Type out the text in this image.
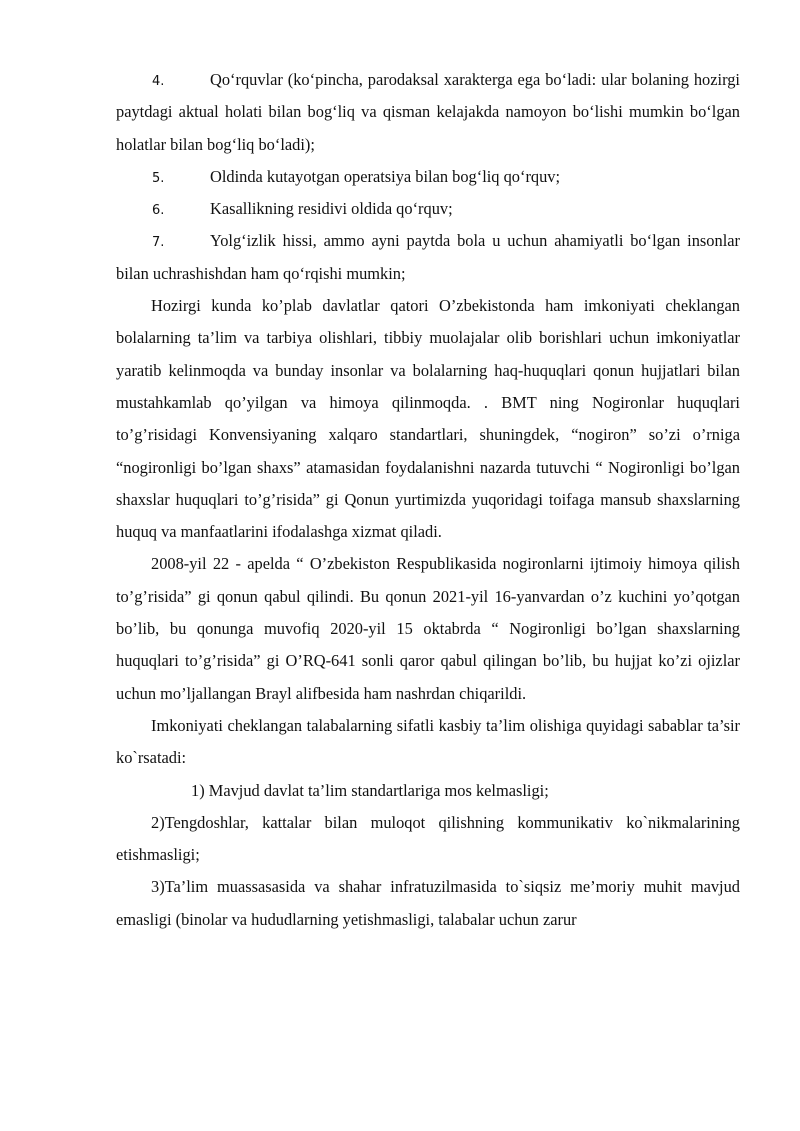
4.	Qo‘rquvlar (ko‘pincha, parodaksal xarakterga ega bo‘ladi: ular bolaning hozirgi paytdagi aktual holati bilan bog‘liq va qisman kelajakda namoyon bo‘lishi mumkin bo‘lgan holatlar bilan bog‘liq bo‘ladi);

5.	Oldinda kutayotgan operatsiya bilan bog‘liq qo‘rquv;

6.	Kasallikning residivi oldida qo‘rquv;

7.	Yolg‘izlik hissi, ammo ayni paytda bola u uchun ahamiyatli bo‘lgan insonlar bilan uchrashishdan ham qo‘rqishi mumkin;

Hozirgi kunda ko’plab davlatlar qatori O’zbekistonda ham imkoniyati cheklangan bolalarning ta’lim va tarbiya olishlari, tibbiy muolajalar olib borishlari uchun imkoniyatlar yaratib kelinmoqda va bunday insonlar va bolalarning haq-huquqlari qonun hujjatlari bilan mustahkamlab qo’yilgan va himoya qilinmoqda. . BMT ning Nogironlar huquqlari to’g’risidagi Konvensiyaning xalqaro standartlari, shuningdek, “nogiron” so’zi o’rniga “nogironligi bo’lgan shaxs” atamasidan foydalanishni nazarda tutuvchi “ Nogironligi bo’lgan shaxslar huquqlari to’g’risida” gi Qonun yurtimizda yuqoridagi toifaga mansub shaxslarning huquq va manfaatlarini ifodalashga xizmat qiladi.

2008-yil 22 - apelda “ O’zbekiston Respublikasida nogironlarni ijtimoiy himoya qilish to’g’risida” gi qonun qabul qilindi. Bu qonun 2021-yil 16-yanvardan o’z kuchini yo’qotgan bo’lib, bu qonunga muvofiq 2020-yil 15 oktabrda “ Nogironligi bo’lgan shaxslarning huquqlari to’g’risida” gi O’RQ-641 sonli qaror qabul qilingan bo’lib, bu hujjat ko’zi ojizlar uchun mo’ljallangan Brayl alifbesida ham nashrdan chiqarildi.

Imkoniyati cheklangan talabalarning sifatli kasbiy ta’lim olishiga quyidagi sabablar ta’sir ko`rsatadi:

1) Mavjud davlat ta’lim standartlariga mos kelmasligi;

2)Tengdoshlar, kattalar bilan muloqot qilishning kommunikativ ko`nikmalarining etishmasligi;

3)Ta’lim muassasasida va shahar infratuzilmasida to`siqsiz me’moriy muhit mavjud emasligi (binolar va hududlarning yetishmasligi, talabalar uchun zarur
